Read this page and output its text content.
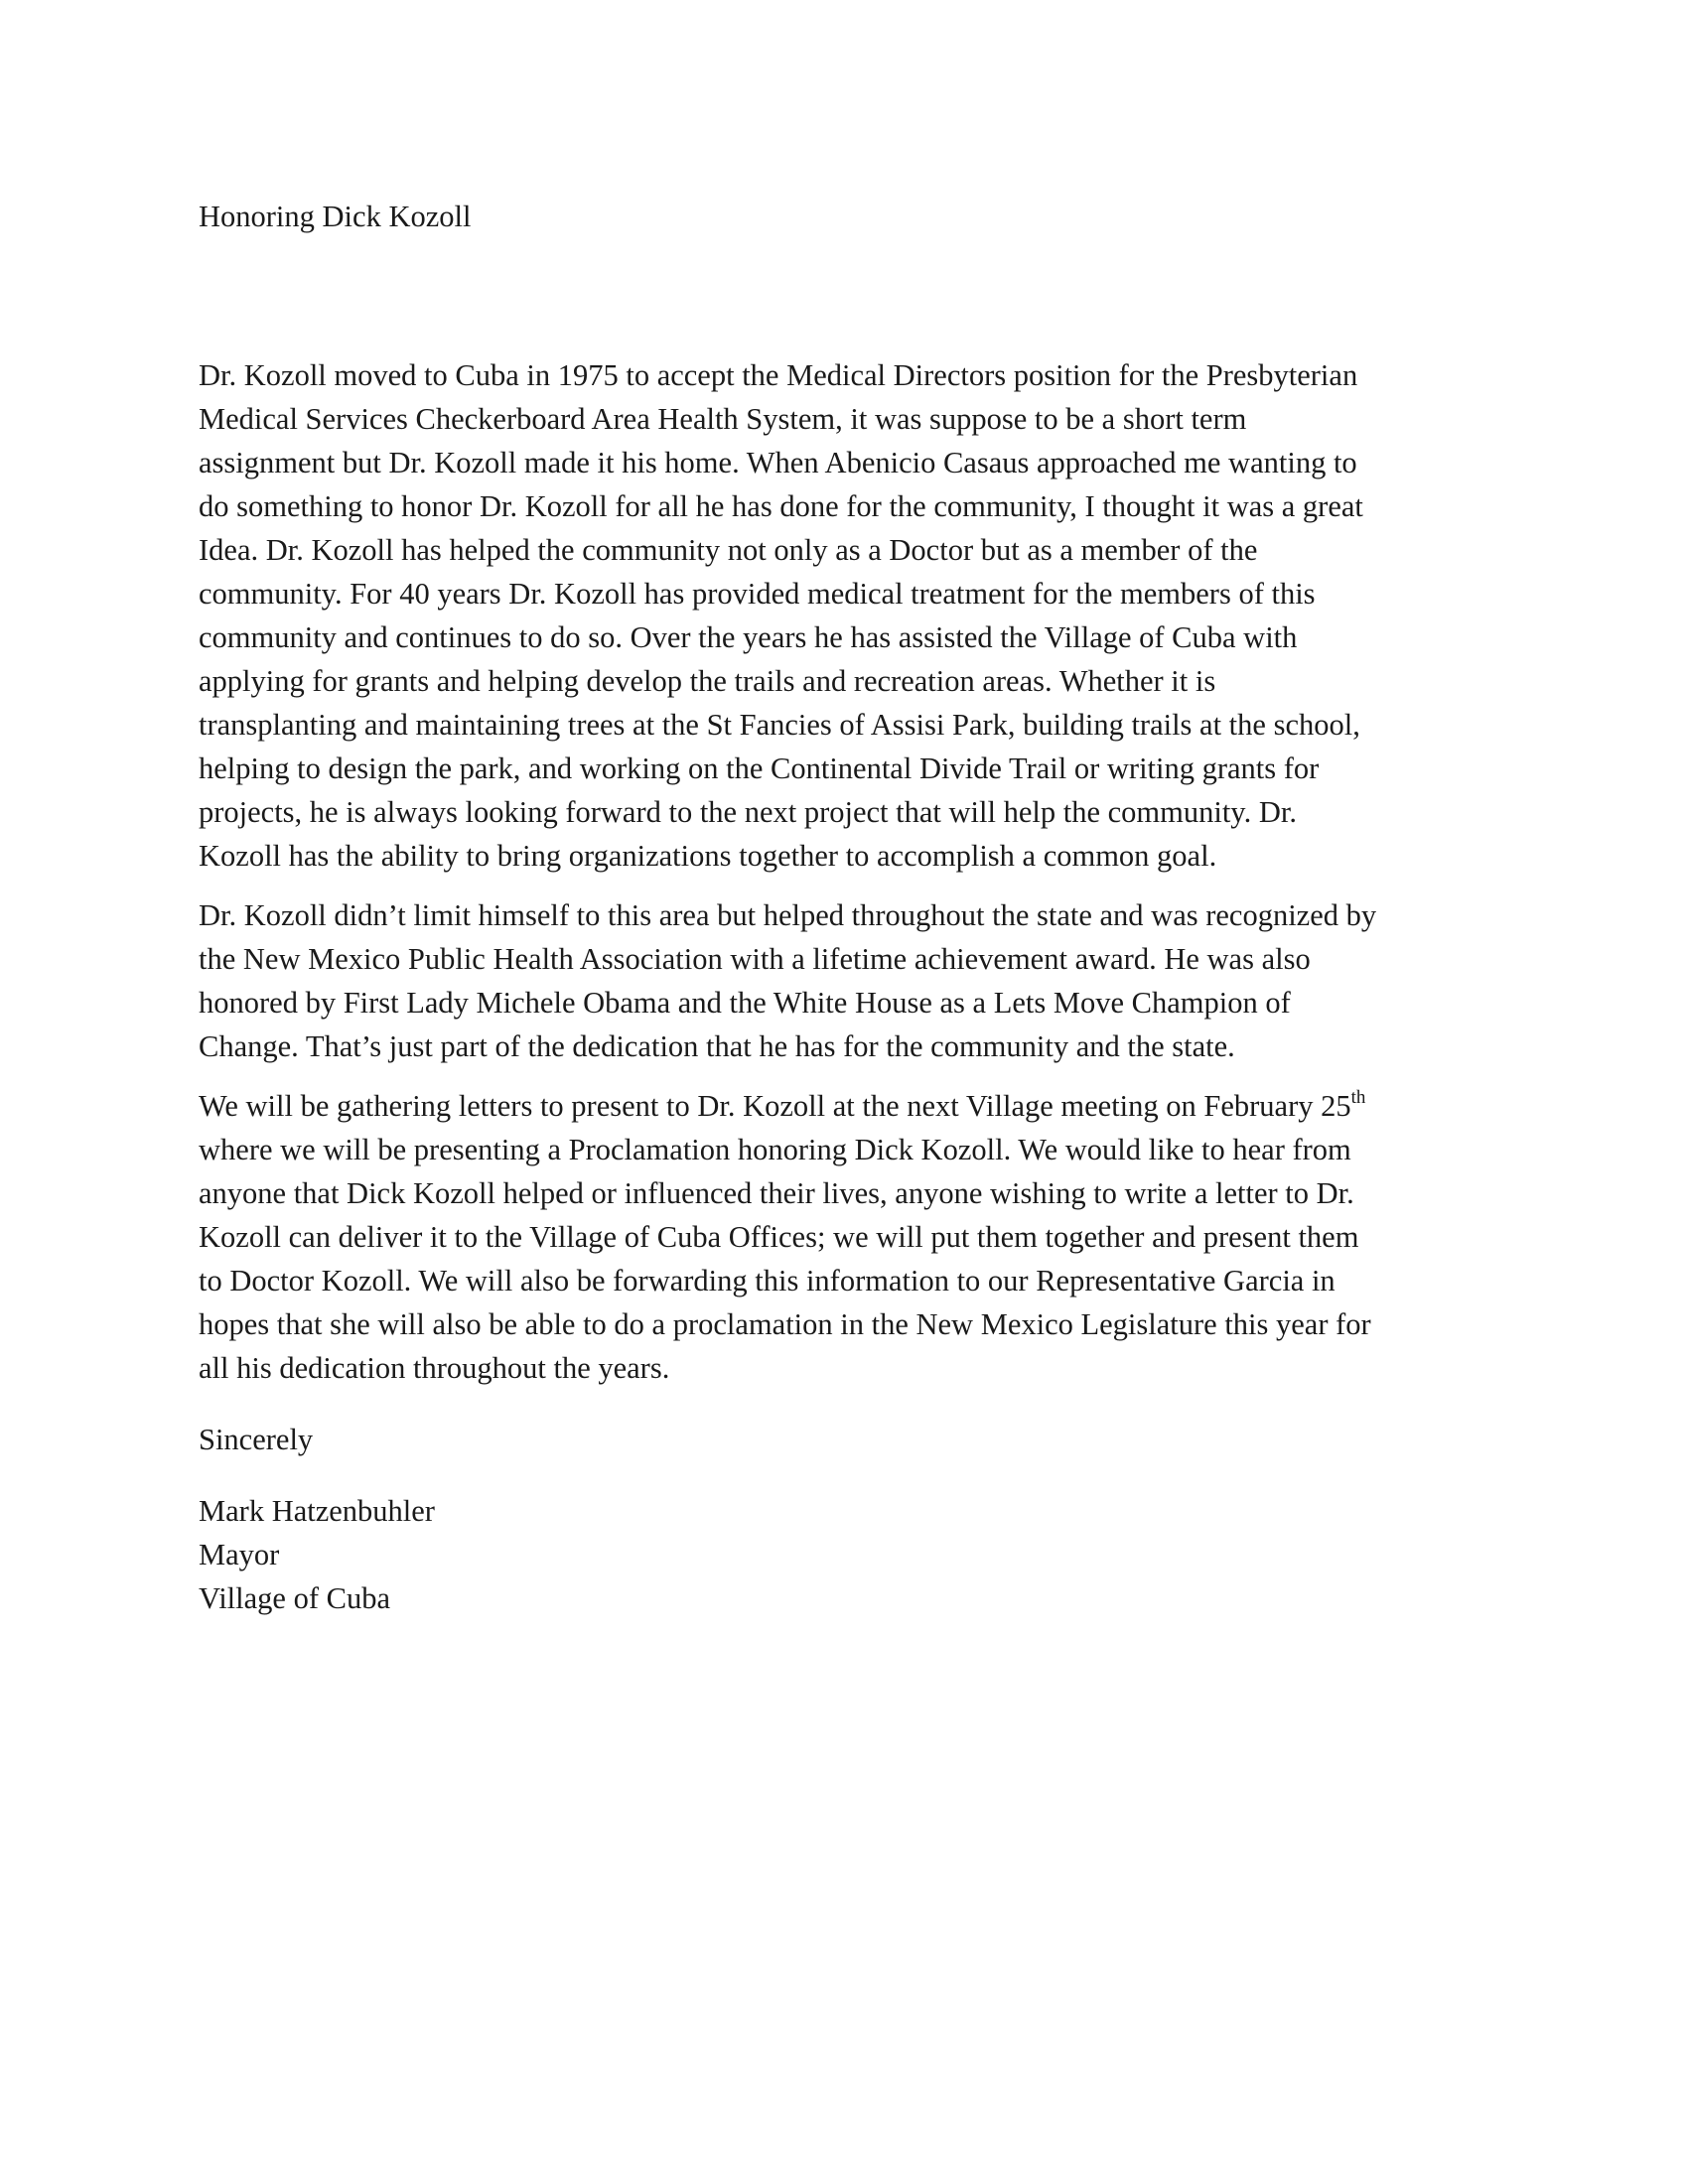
Honoring Dick Kozoll

Dr. Kozoll moved to Cuba in 1975 to accept the Medical Directors position for the Presbyterian
Medical Services Checkerboard Area Health System, it was suppose to be a short term
assignment but Dr. Kozoll made it his home. When Abenicio Casaus approached me wanting to
do something to honor Dr. Kozoll for all he has done for the community, I thought it was a great
Idea. Dr. Kozoll has helped the community not only as a Doctor but as a member of the
community. For 40 years Dr. Kozoll has provided medical treatment for the members of this
community and continues to do so. Over the years he has assisted the Village of Cuba with
applying for grants and helping develop the trails and recreation areas. Whether it is
transplanting and maintaining trees at the St Fancies of Assisi Park, building trails at the school,
helping to design the park, and working on the Continental Divide Trail or writing grants for
projects, he is always looking forward to the next project that will help the community. Dr.
Kozoll has the ability to bring organizations together to accomplish a common goal.

Dr. Kozoll didn’t limit himself to this area but helped throughout the state and was recognized by
the New Mexico Public Health Association with a lifetime achievement award. He was also
honored by First Lady Michele Obama and the White House as a Lets Move Champion of
Change. That’s just part of the dedication that he has for the community and the state.

We will be gathering letters to present to Dr. Kozoll at the next Village meeting on February 25th
where we will be presenting a Proclamation honoring Dick Kozoll. We would like to hear from
anyone that Dick Kozoll helped or influenced their lives, anyone wishing to write a letter to Dr.
Kozoll can deliver it to the Village of Cuba Offices; we will put them together and present them
to Doctor Kozoll. We will also be forwarding this information to our Representative Garcia in
hopes that she will also be able to do a proclamation in the New Mexico Legislature this year for
all his dedication throughout the years.

Sincerely

Mark Hatzenbuhler
Mayor
Village of Cuba
